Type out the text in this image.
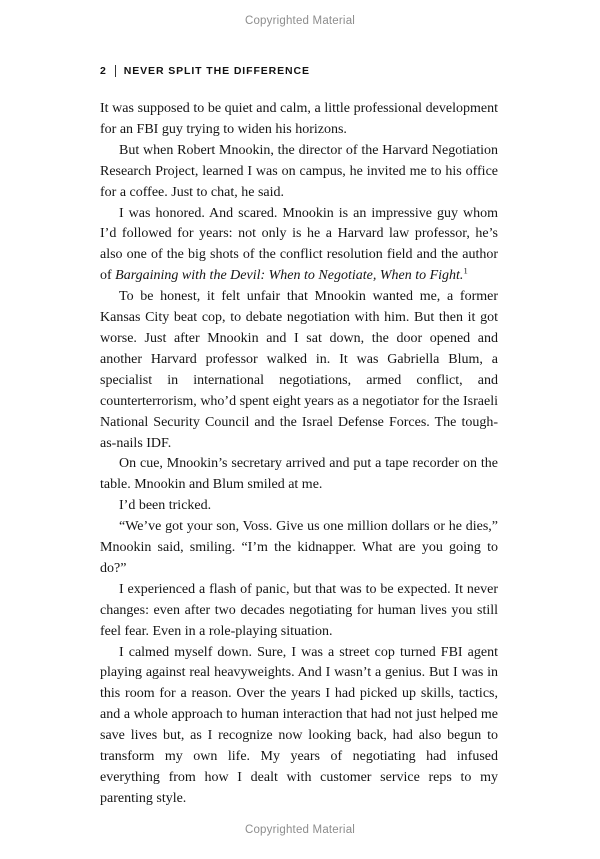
Copyrighted Material
2 NEVER SPLIT THE DIFFERENCE

It was supposed to be quiet and calm, a little professional development for an FBI guy trying to widen his horizons.

But when Robert Mnookin, the director of the Harvard Negotiation Research Project, learned I was on campus, he invited me to his office for a coffee. Just to chat, he said.

I was honored. And scared. Mnookin is an impressive guy whom I’d followed for years: not only is he a Harvard law professor, he’s also one of the big shots of the conflict resolution field and the author of Bargaining with the Devil: When to Negotiate, When to Fight.$^1$

To be honest, it felt unfair that Mnookin wanted me, a former Kansas City beat cop, to debate negotiation with him. But then it got worse. Just after Mnookin and I sat down, the door opened and another Harvard professor walked in. It was Gabriella Blum, a specialist in international negotiations, armed conflict, and counterterrorism, who’d spent eight years as a negotiator for the Israeli National Security Council and the Israel Defense Forces. The tough-as-nails IDF.

On cue, Mnookin’s secretary arrived and put a tape recorder on the table. Mnookin and Blum smiled at me.

I’d been tricked.

“We’ve got your son, Voss. Give us one million dollars or he dies,” Mnookin said, smiling. “I’m the kidnapper. What are you going to do?”

I experienced a flash of panic, but that was to be expected. It never changes: even after two decades negotiating for human lives you still feel fear. Even in a role-playing situation.

I calmed myself down. Sure, I was a street cop turned FBI agent playing against real heavyweights. And I wasn’t a genius. But I was in this room for a reason. Over the years I had picked up skills, tactics, and a whole approach to human interaction that had not just helped me save lives but, as I recognize now looking back, had also begun to transform my own life. My years of negotiating had infused everything from how I dealt with customer service reps to my parenting style.

Copyrighted Material
